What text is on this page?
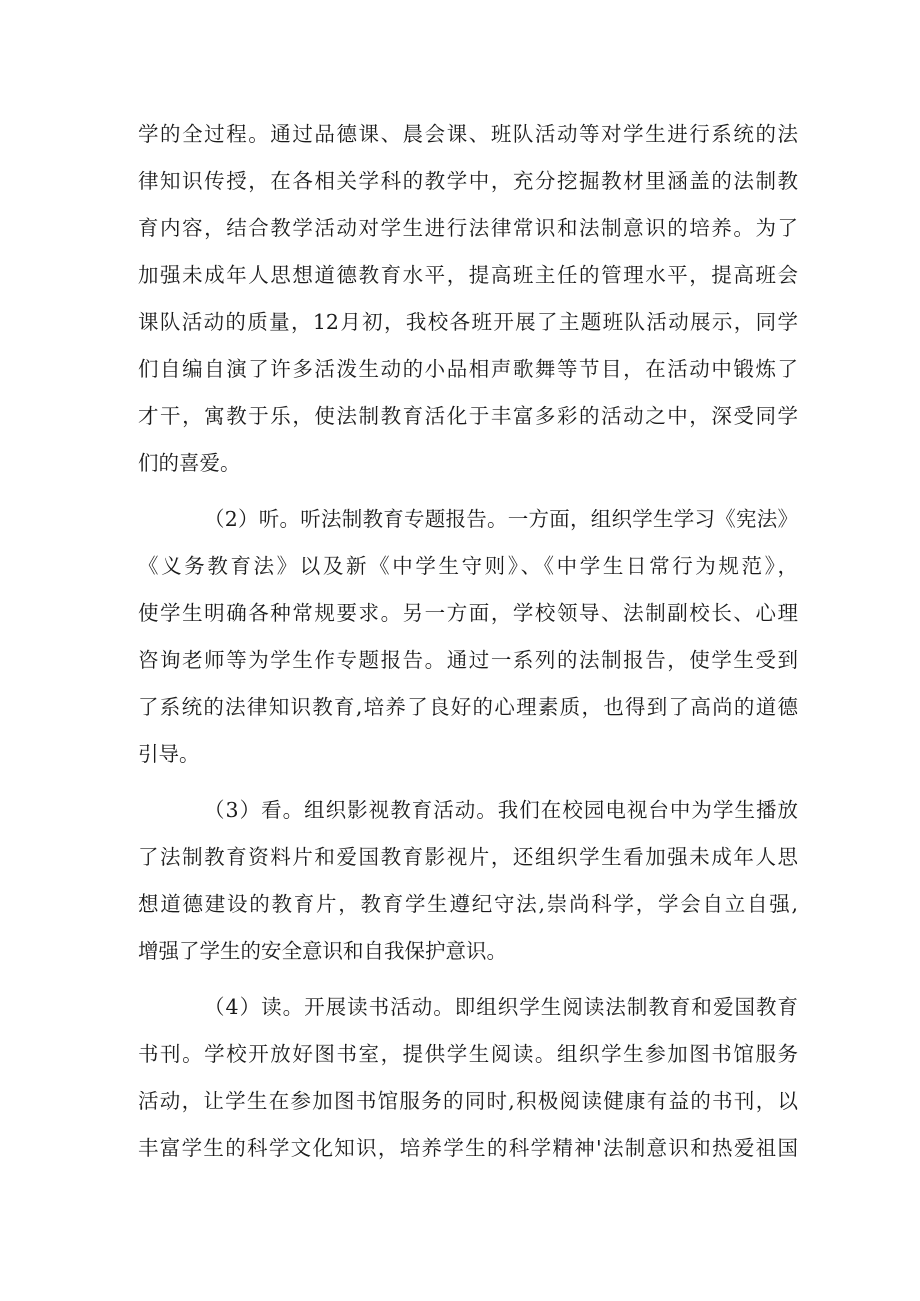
学的全过程。通过品德课、晨会课、班队活动等对学生进行系统的法

律知识传授，在各相关学科的教学中，充分挖掘教材里涵盖的法制教

育内容，结合教学活动对学生进行法律常识和法制意识的培养。为了

加强未成年人思想道德教育水平，提高班主任的管理水平，提高班会

课队活动的质量，12月初，我校各班开展了主题班队活动展示，同学

们自编自演了许多活泼生动的小品相声歌舞等节目，在活动中锻炼了

才干，寓教于乐，使法制教育活化于丰富多彩的活动之中，深受同学

们的喜爱。

（2）听。听法制教育专题报告。一方面，组织学生学习《宪法》

《义务教育法》以及新《中学生守则》、《中学生日常行为规范》，

使学生明确各种常规要求。另一方面，学校领导、法制副校长、心理

咨询老师等为学生作专题报告。通过一系列的法制报告，使学生受到

了系统的法律知识教育,培养了良好的心理素质，也得到了高尚的道德

引导。

（3）看。组织影视教育活动。我们在校园电视台中为学生播放

了法制教育资料片和爱国教育影视片，还组织学生看加强未成年人思

想道德建设的教育片，教育学生遵纪守法,崇尚科学，学会自立自强,

增强了学生的安全意识和自我保护意识。

（4）读。开展读书活动。即组织学生阅读法制教育和爱国教育

书刊。学校开放好图书室，提供学生阅读。组织学生参加图书馆服务

活动，让学生在参加图书馆服务的同时,积极阅读健康有益的书刊，以

丰富学生的科学文化知识，培养学生的科学精神'法制意识和热爱祖国
